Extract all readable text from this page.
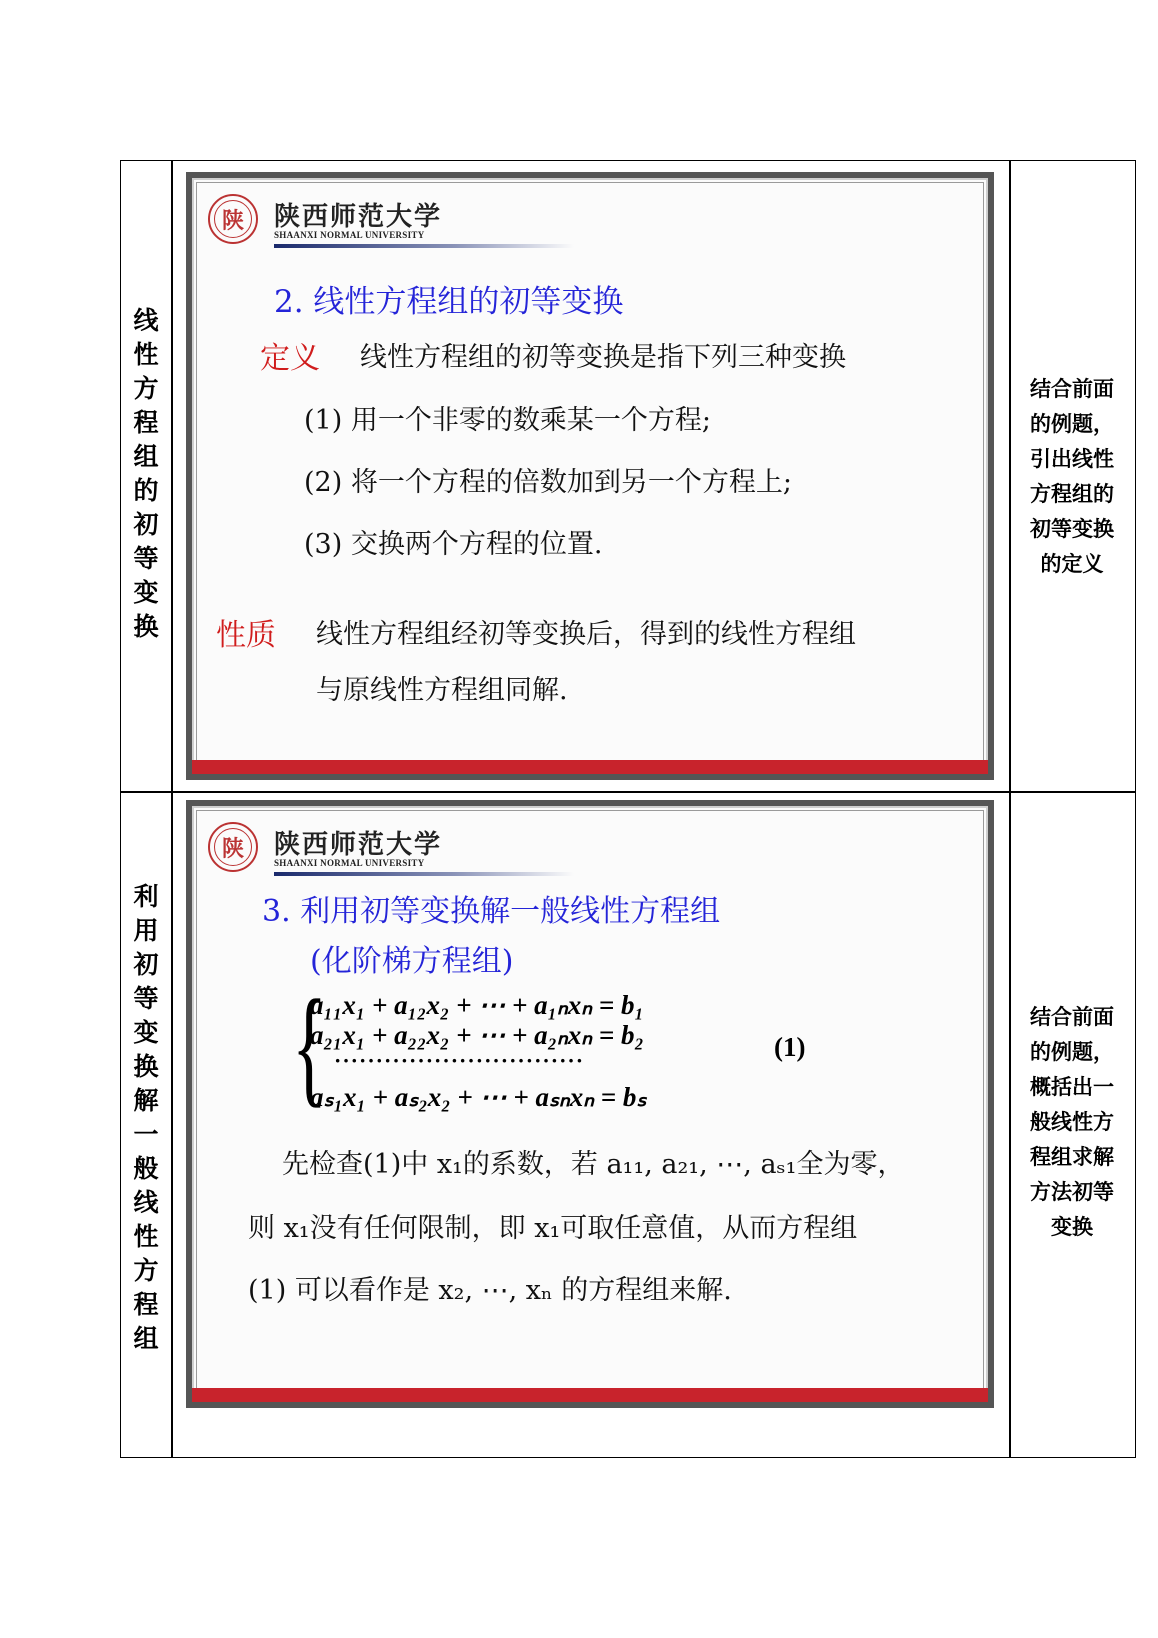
线
性
方
程
组
的
初
等
变
换
结合前面
的例题，
引出线性
方程组的
初等变换
的定义
陕 陕西师范大学
SHAANXI NORMAL UNIVERSITY
2. 线性方程组的初等变换
定义 线性方程组的初等变换是指下列三种变换
(1) 用一个非零的数乘某一个方程;
(2) 将一个方程的倍数加到另一个方程上;
(3) 交换两个方程的位置.
性质 线性方程组经初等变换后，得到的线性方程组
与原线性方程组同解.
利
用
初
等
变
换
解
一
般
线
性
方
程
组
结合前面
的例题，
概括出一
般线性方
程组求解
方法初等
变换
陕 陕西师范大学
SHAANXI NORMAL UNIVERSITY
3. 利用初等变换解一般线性方程组
(化阶梯方程组)
{
a₁₁x₁ + a₁₂x₂ + ⋯ + a₁ₙxₙ = b₁
a₂₁x₁ + a₂₂x₂ + ⋯ + a₂ₙxₙ = b₂
······························
aₛ₁x₁ + aₛ₂x₂ + ⋯ + aₛₙxₙ = bₛ
(1)
先检查(1)中 x₁的系数，若 a₁₁, a₂₁, ⋯, aₛ₁全为零，
则 x₁没有任何限制，即 x₁可取任意值，从而方程组
(1) 可以看作是 x₂, ⋯, xₙ 的方程组来解.
